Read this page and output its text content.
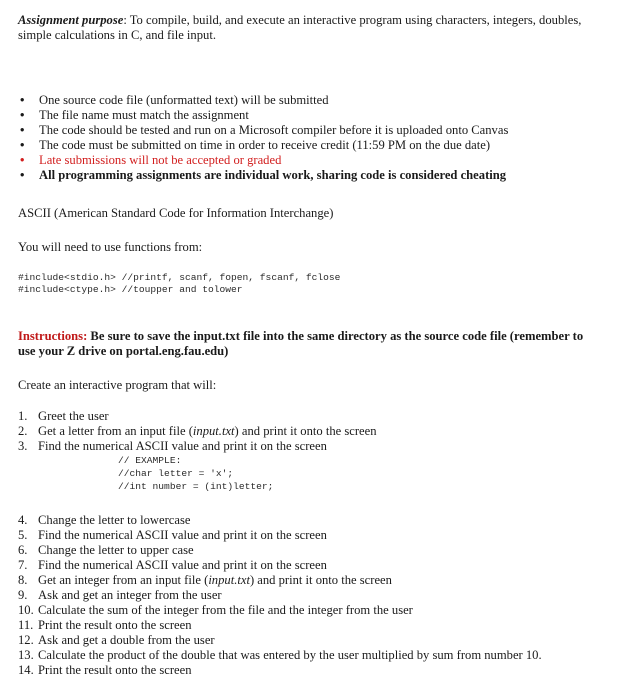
Assignment purpose: To compile, build, and execute an interactive program using characters, integers, doubles, simple calculations in C, and file input.
• One source code file (unformatted text) will be submitted
• The file name must match the assignment
• The code should be tested and run on a Microsoft compiler before it is uploaded onto Canvas
• The code must be submitted on time in order to receive credit (11:59 PM on the due date)
• Late submissions will not be accepted or graded
• All programming assignments are individual work, sharing code is considered cheating
ASCII (American Standard Code for Information Interchange)
You will need to use functions from:
#include<stdio.h> //printf, scanf, fopen, fscanf, fclose
#include<ctype.h> //toupper and tolower
Instructions: Be sure to save the input.txt file into the same directory as the source code file (remember to use your Z drive on portal.eng.fau.edu)
Create an interactive program that will:
1. Greet the user
2. Get a letter from an input file (input.txt) and print it onto the screen
3. Find the numerical ASCII value and print it on the screen
// EXAMPLE:
//char letter = 'x';
//int number = (int)letter;
4. Change the letter to lowercase
5. Find the numerical ASCII value and print it on the screen
6. Change the letter to upper case
7. Find the numerical ASCII value and print it on the screen
8. Get an integer from an input file (input.txt) and print it onto the screen
9. Ask and get an integer from the user
10. Calculate the sum of the integer from the file and the integer from the user
11. Print the result onto the screen
12. Ask and get a double from the user
13. Calculate the product of the double that was entered by the user multiplied by sum from number 10.
14. Print the result onto the screen
